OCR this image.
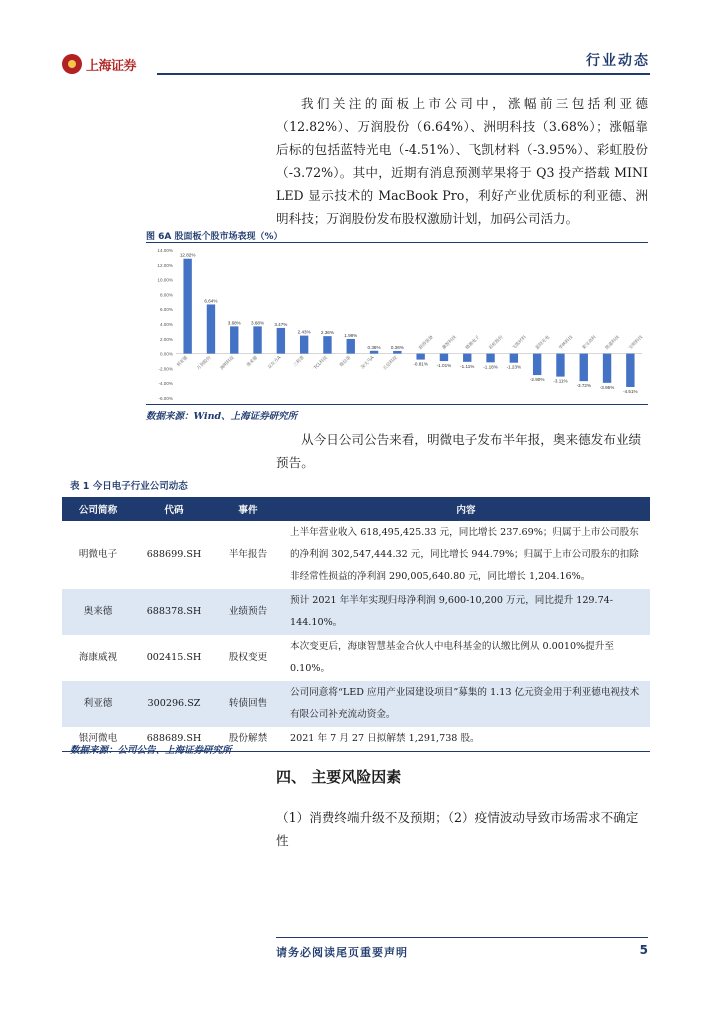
上海证券	行业动态

我们关注的面板上市公司中，涨幅前三包括利亚德（12.82%）、万润股份（6.64%）、洲明科技（3.68%）；涨幅靠后标的包括蓝特光电（-4.51%）、飞凯材料（-3.95%）、彩虹股份（-3.72%）。其中，近期有消息预测苹果将于 Q3 投产搭载 MINI LED 显示技术的 MacBook Pro，利好产业优质标的利亚德、洲明科技；万润股份发布股权激励计划，加码公司活力。

图 6A 股面板个股市场表现（%）
14.00%
12.00%
10.00%
8.00%
6.00%
4.00%
2.00%
0.00%
-2.00%
-4.00%
-6.00%
12.82%
利亚德
6.64%
万润股份
3.68%
洲明科技
3.68%
奥来德
3.47%
京东方A
2.43%
三利谱
2.36%
TCL科技
1.98%
维信诺
0.38%
深天马A
0.36%
长信科技	-0.81%
联得装备
-1.01%
激智科技
-1.11%
精测电子
-1.18%
彩虹股份
-1.23%
飞凯材料
-2.90%
蓝特光电
-3.11%
华映科技
-3.72%
莱宝高科
-3.95%
凯盛科技
-4.51%
宝明科技
数据来源：Wind、上海证券研究所

从今日公司公告来看，明微电子发布半年报，奥来德发布业绩预告。

表 1 今日电子行业公司动态
公司简称	代码	事件	内容
明微电子	688699.SH	半年报告	上半年营业收入 618,495,425.33 元，同比增长 237.69%；归属于上市公司股东的净利润 302,547,444.32 元，同比增长 944.79%；归属于上市公司股东的扣除非经常性损益的净利润 290,005,640.80 元，同比增长 1,204.16%。
奥来德	688378.SH	业绩预告	预计 2021 年半年实现归母净利润 9,600-10,200 万元，同比提升 129.74-144.10%。
海康威视	002415.SH	股权变更	本次变更后，海康智慧基金合伙人中电科基金的认缴比例从 0.0010%提升至 0.10%。
利亚德	300296.SZ	转债回售	公司同意将“LED 应用产业园建设项目”募集的 1.13 亿元资金用于利亚德电视技术有限公司补充流动资金。
银河微电	688689.SH	股份解禁	2021 年 7 月 27 日拟解禁 1,291,738 股。
数据来源：公司公告、上海证券研究所
四、 主要风险因素

（1）消费终端升级不及预期；（2）疫情波动导致市场需求不确定性

请务必阅读尾页重要声明	5
